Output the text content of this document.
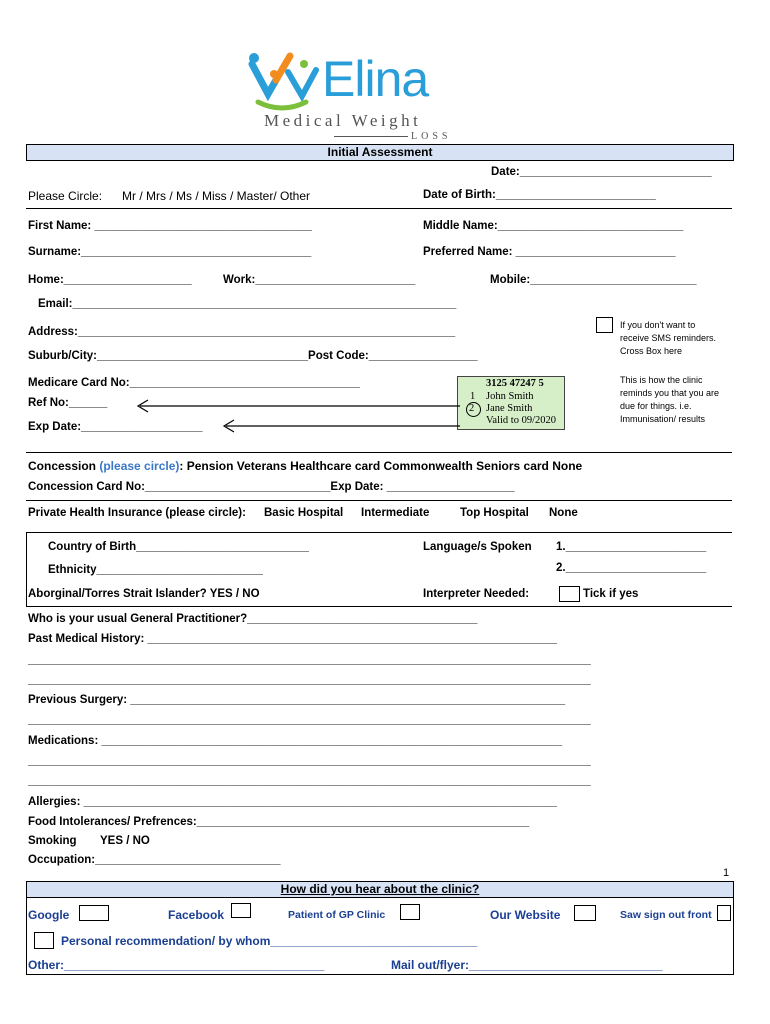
Elina
Medical Weight
LOSS
Initial Assessment
Date:______________________________
Please Circle: Mr / Mrs / Ms / Miss / Master/ Other	Date of Birth:_________________________
First Name: __________________________________	Middle Name:_____________________________
Surname:____________________________________	Preferred Name: _________________________
Home:____________________	Work:_________________________	Mobile:__________________________
Email:____________________________________________________________
If you don't want to
receive SMS reminders.
Cross Box here
Address:___________________________________________________________
Suburb/City:_________________________________Post Code:_________________
This is how the clinic
reminds you that you are
due for things. i.e.
Immunisation/ results
Medicare Card No:____________________________________
Ref No:______
Exp Date:___________________
3125 47247 5
1 John Smith
2 Jane Smith
Valid to 09/2020
Concession (please circle): Pension Veterans Healthcare card Commonwealth Seniors card None
Concession Card No:_____________________________Exp Date: ____________________
Private Health Insurance (please circle): Basic Hospital Intermediate	Top Hospital None
Country of Birth___________________________	Language/s Spoken 1.______________________
Ethnicity__________________________	2.______________________
Aborginal/Torres Strait Islander? YES / NO	Interpreter Needed:	Tick if yes
Who is your usual General Practitioner?____________________________________
Past Medical History: ________________________________________________________________
________________________________________________________________________________________
________________________________________________________________________________________
Previous Surgery: ____________________________________________________________________
________________________________________________________________________________________
Medications: ________________________________________________________________________
________________________________________________________________________________________
________________________________________________________________________________________
Allergies: __________________________________________________________________________
Food Intolerances/ Prefrences:____________________________________________________
Smoking YES / NO
Occupation:_____________________________
1
How did you hear about the clinic?
Google	Facebook	Patient of GP Clinic	Our Website	Saw sign out front
Personal recommendation/ by whom_______________________________
Other:_______________________________________	Mail out/flyer:_____________________________
